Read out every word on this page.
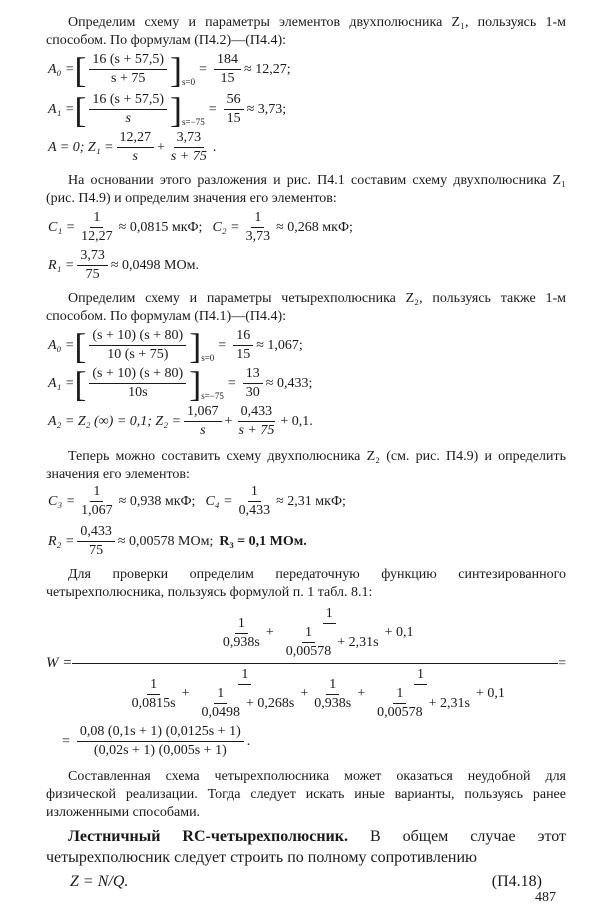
Определим схему и параметры элементов двухполюсника Z₁, пользуясь 1-м способом. По формулам (П4.2)—(П4.4):
A₀ = [ $\frac{16 (s + 57,5)}{s + 75}$ ] s=0
= $\frac{184}{15} \approx 12,27$;
A₁ = [ $\frac{16 (s + 57,5)}{s}$ ] s=−75
= $\frac{56}{15} \approx 3,73$;
A = 0; $Z_1 = \frac{12,27}{s} + \frac{3,73}{s + 75}$ .
На основании этого разложения и рис. П4.1 составим схему двухполюсника Z₁ (рис. П4.9) и определим значения его элементов:
$C_1 = \frac{1}{12,27} \approx 0,0815$ мкФ; $C_2 = \frac{1}{3,73} \approx 0,268$ мкФ;
$R_1 = \frac{3,73}{75} \approx 0,0498$ МОм.
Определим схему и параметры четырехполюсника Z₂, пользуясь также 1-м способом. По формулам (П4.1)—(П4.4):
A₀ = [ $\frac{(s + 10) (s + 80)}{10 (s + 75)}$ ] s=0
= $\frac{16}{15} \approx 1,067$;
A₁ = [ $\frac{(s + 10) (s + 80)}{10s}$ ] s=−75
= $\frac{13}{30} \approx 0,433$;
A₂ = Z₂ (∞) = 0,1; $Z_2 = \frac{1,067}{s} + \frac{0,433}{s + 75} + 0,1$.
Теперь можно составить схему двухполюсника Z₂ (см. рис. П4.9) и определить значения его элементов:
$C_3 = \frac{1}{1,067} \approx 0,938$ мкФ; $C_4 = \frac{1}{0,433} \approx 2,31$ мкФ;
$R_2 = \frac{0,433}{75} \approx 0,00578$ МОм; R₃ = 0,1 МОм.
Для проверки определим передаточную функцию синтезированного четырехполюсника, пользуясь формулой п. 1 табл. 8.1:
W =
$\frac{1}{0,938s} + \frac{1}{\frac{1}{0,00578} + 2,31s} + 0,1$
$\frac{1}{0,0815s} + \frac{1}{\frac{1}{0,0498} + 0,268s} + \frac{1}{0,938s} + \frac{1}{\frac{1}{0,00578} + 2,31s} + 0,1$
=
= $\frac{0,08 (0,1s + 1) (0,0125s + 1)}{(0,02s + 1) (0,005s + 1)}$ .
Составленная схема четырехполюсника может оказаться неудобной для физической реализации. Тогда следует искать иные варианты, пользуясь ранее изложенными способами.
Лестничный RC-четырехполюсник. В общем случае этот четырехполюсник следует строить по полному сопротивлению
Z = N/Q.	(П4.18)
487
